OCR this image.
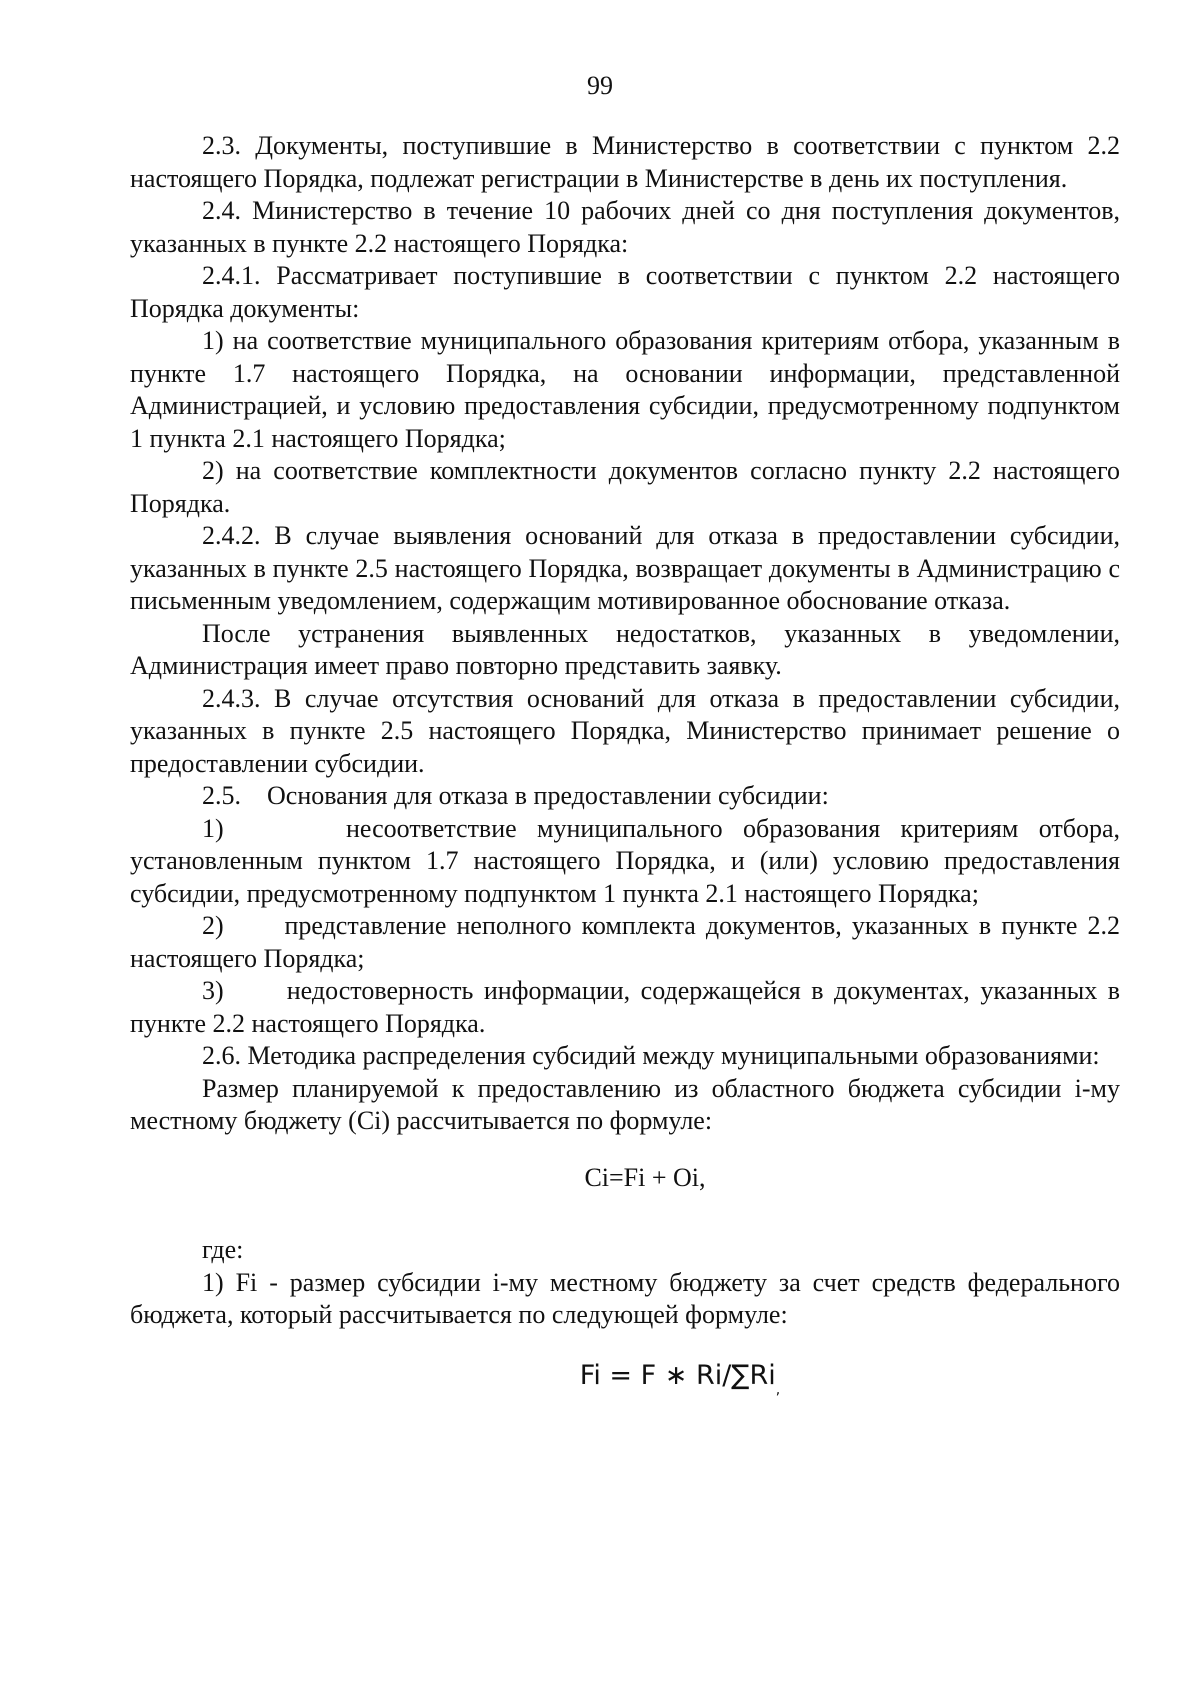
99

2.3. Документы, поступившие в Министерство в соответствии с пунктом 2.2 настоящего Порядка, подлежат регистрации в Министерстве в день их поступления.

2.4. Министерство в течение 10 рабочих дней со дня поступления документов, указанных в пункте 2.2 настоящего Порядка:

2.4.1. Рассматривает поступившие в соответствии с пунктом 2.2 настоящего Порядка документы:

1) на соответствие муниципального образования критериям отбора, указанным в пункте 1.7 настоящего Порядка, на основании информации, представленной Администрацией, и условию предоставления субсидии, предусмотренному подпунктом 1 пункта 2.1 настоящего Порядка;

2) на соответствие комплектности документов согласно пункту 2.2 настоящего Порядка.

2.4.2. В случае выявления оснований для отказа в предоставлении субсидии, указанных в пункте 2.5 настоящего Порядка, возвращает документы в Администрацию с письменным уведомлением, содержащим мотивированное обоснование отказа.

После устранения выявленных недостатков, указанных в уведомлении, Администрация имеет право повторно представить заявку.

2.4.3. В случае отсутствия оснований для отказа в предоставлении субсидии, указанных в пункте 2.5 настоящего Порядка, Министерство принимает решение о предоставлении субсидии.

2.5.    Основания для отказа в предоставлении субсидии:

1)      несоответствие муниципального образования критериям отбора, установленным пунктом 1.7 настоящего Порядка, и (или) условию предоставления субсидии, предусмотренному подпунктом 1 пункта 2.1 настоящего Порядка;

2)      представление неполного комплекта документов, указанных в пункте 2.2 настоящего Порядка;

3)      недостоверность информации, содержащейся в документах, указанных в пункте 2.2 настоящего Порядка.

2.6. Методика распределения субсидий между муниципальными образованиями:

Размер планируемой к предоставлению из областного бюджета субсидии i-му местному бюджету (Ci) рассчитывается по формуле:

Ci=Fi + Oi,

где:

1) Fi - размер субсидии i-му местному бюджету за счет средств федерального бюджета, который рассчитывается по следующей формуле:

Fi = F ∗ $Ri/\sum Ri_,$
